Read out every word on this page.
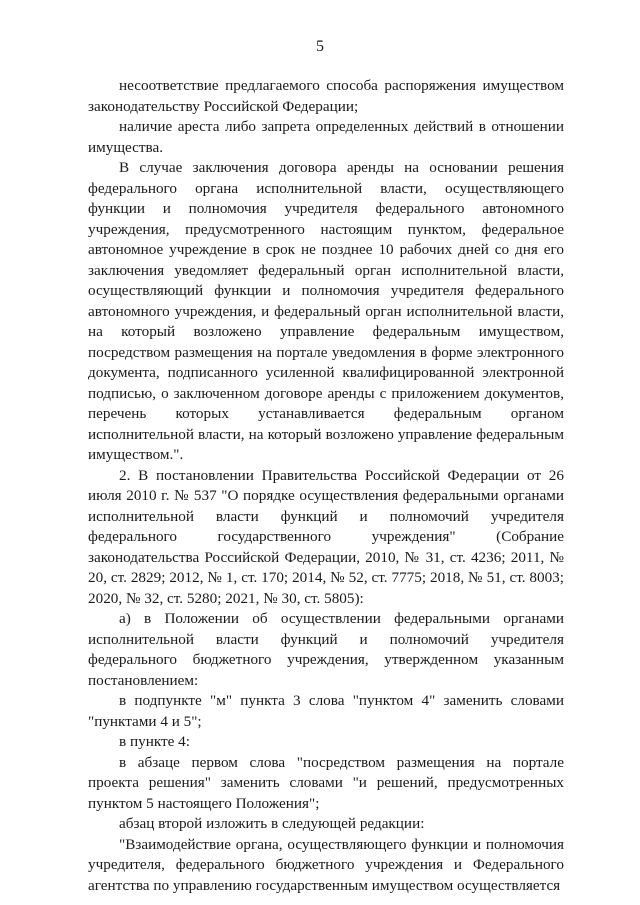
5

несоответствие предлагаемого способа распоряжения имуществом законодательству Российской Федерации;

наличие ареста либо запрета определенных действий в отношении имущества.

В случае заключения договора аренды на основании решения федерального органа исполнительной власти, осуществляющего функции и полномочия учредителя федерального автономного учреждения, предусмотренного настоящим пунктом, федеральное автономное учреждение в срок не позднее 10 рабочих дней со дня его заключения уведомляет федеральный орган исполнительной власти, осуществляющий функции и полномочия учредителя федерального автономного учреждения, и федеральный орган исполнительной власти, на который возложено управление федеральным имуществом, посредством размещения на портале уведомления в форме электронного документа, подписанного усиленной квалифицированной электронной подписью, о заключенном договоре аренды с приложением документов, перечень которых устанавливается федеральным органом исполнительной власти, на который возложено управление федеральным имуществом.".

2. В постановлении Правительства Российской Федерации от 26 июля 2010 г. № 537 "О порядке осуществления федеральными органами исполнительной власти функций и полномочий учредителя федерального государственного учреждения" (Собрание законодательства Российской Федерации, 2010, № 31, ст. 4236; 2011, № 20, ст. 2829; 2012, № 1, ст. 170; 2014, № 52, ст. 7775; 2018, № 51, ст. 8003; 2020, № 32, ст. 5280; 2021, № 30, ст. 5805):

а) в Положении об осуществлении федеральными органами исполнительной власти функций и полномочий учредителя федерального бюджетного учреждения, утвержденном указанным постановлением:

в подпункте "м" пункта 3 слова "пунктом 4" заменить словами "пунктами 4 и 5";

в пункте 4:

в абзаце первом слова "посредством размещения на портале проекта решения" заменить словами "и решений, предусмотренных пунктом 5 настоящего Положения";

абзац второй изложить в следующей редакции:

"Взаимодействие органа, осуществляющего функции и полномочия учредителя, федерального бюджетного учреждения и Федерального агентства по управлению государственным имуществом осуществляется
